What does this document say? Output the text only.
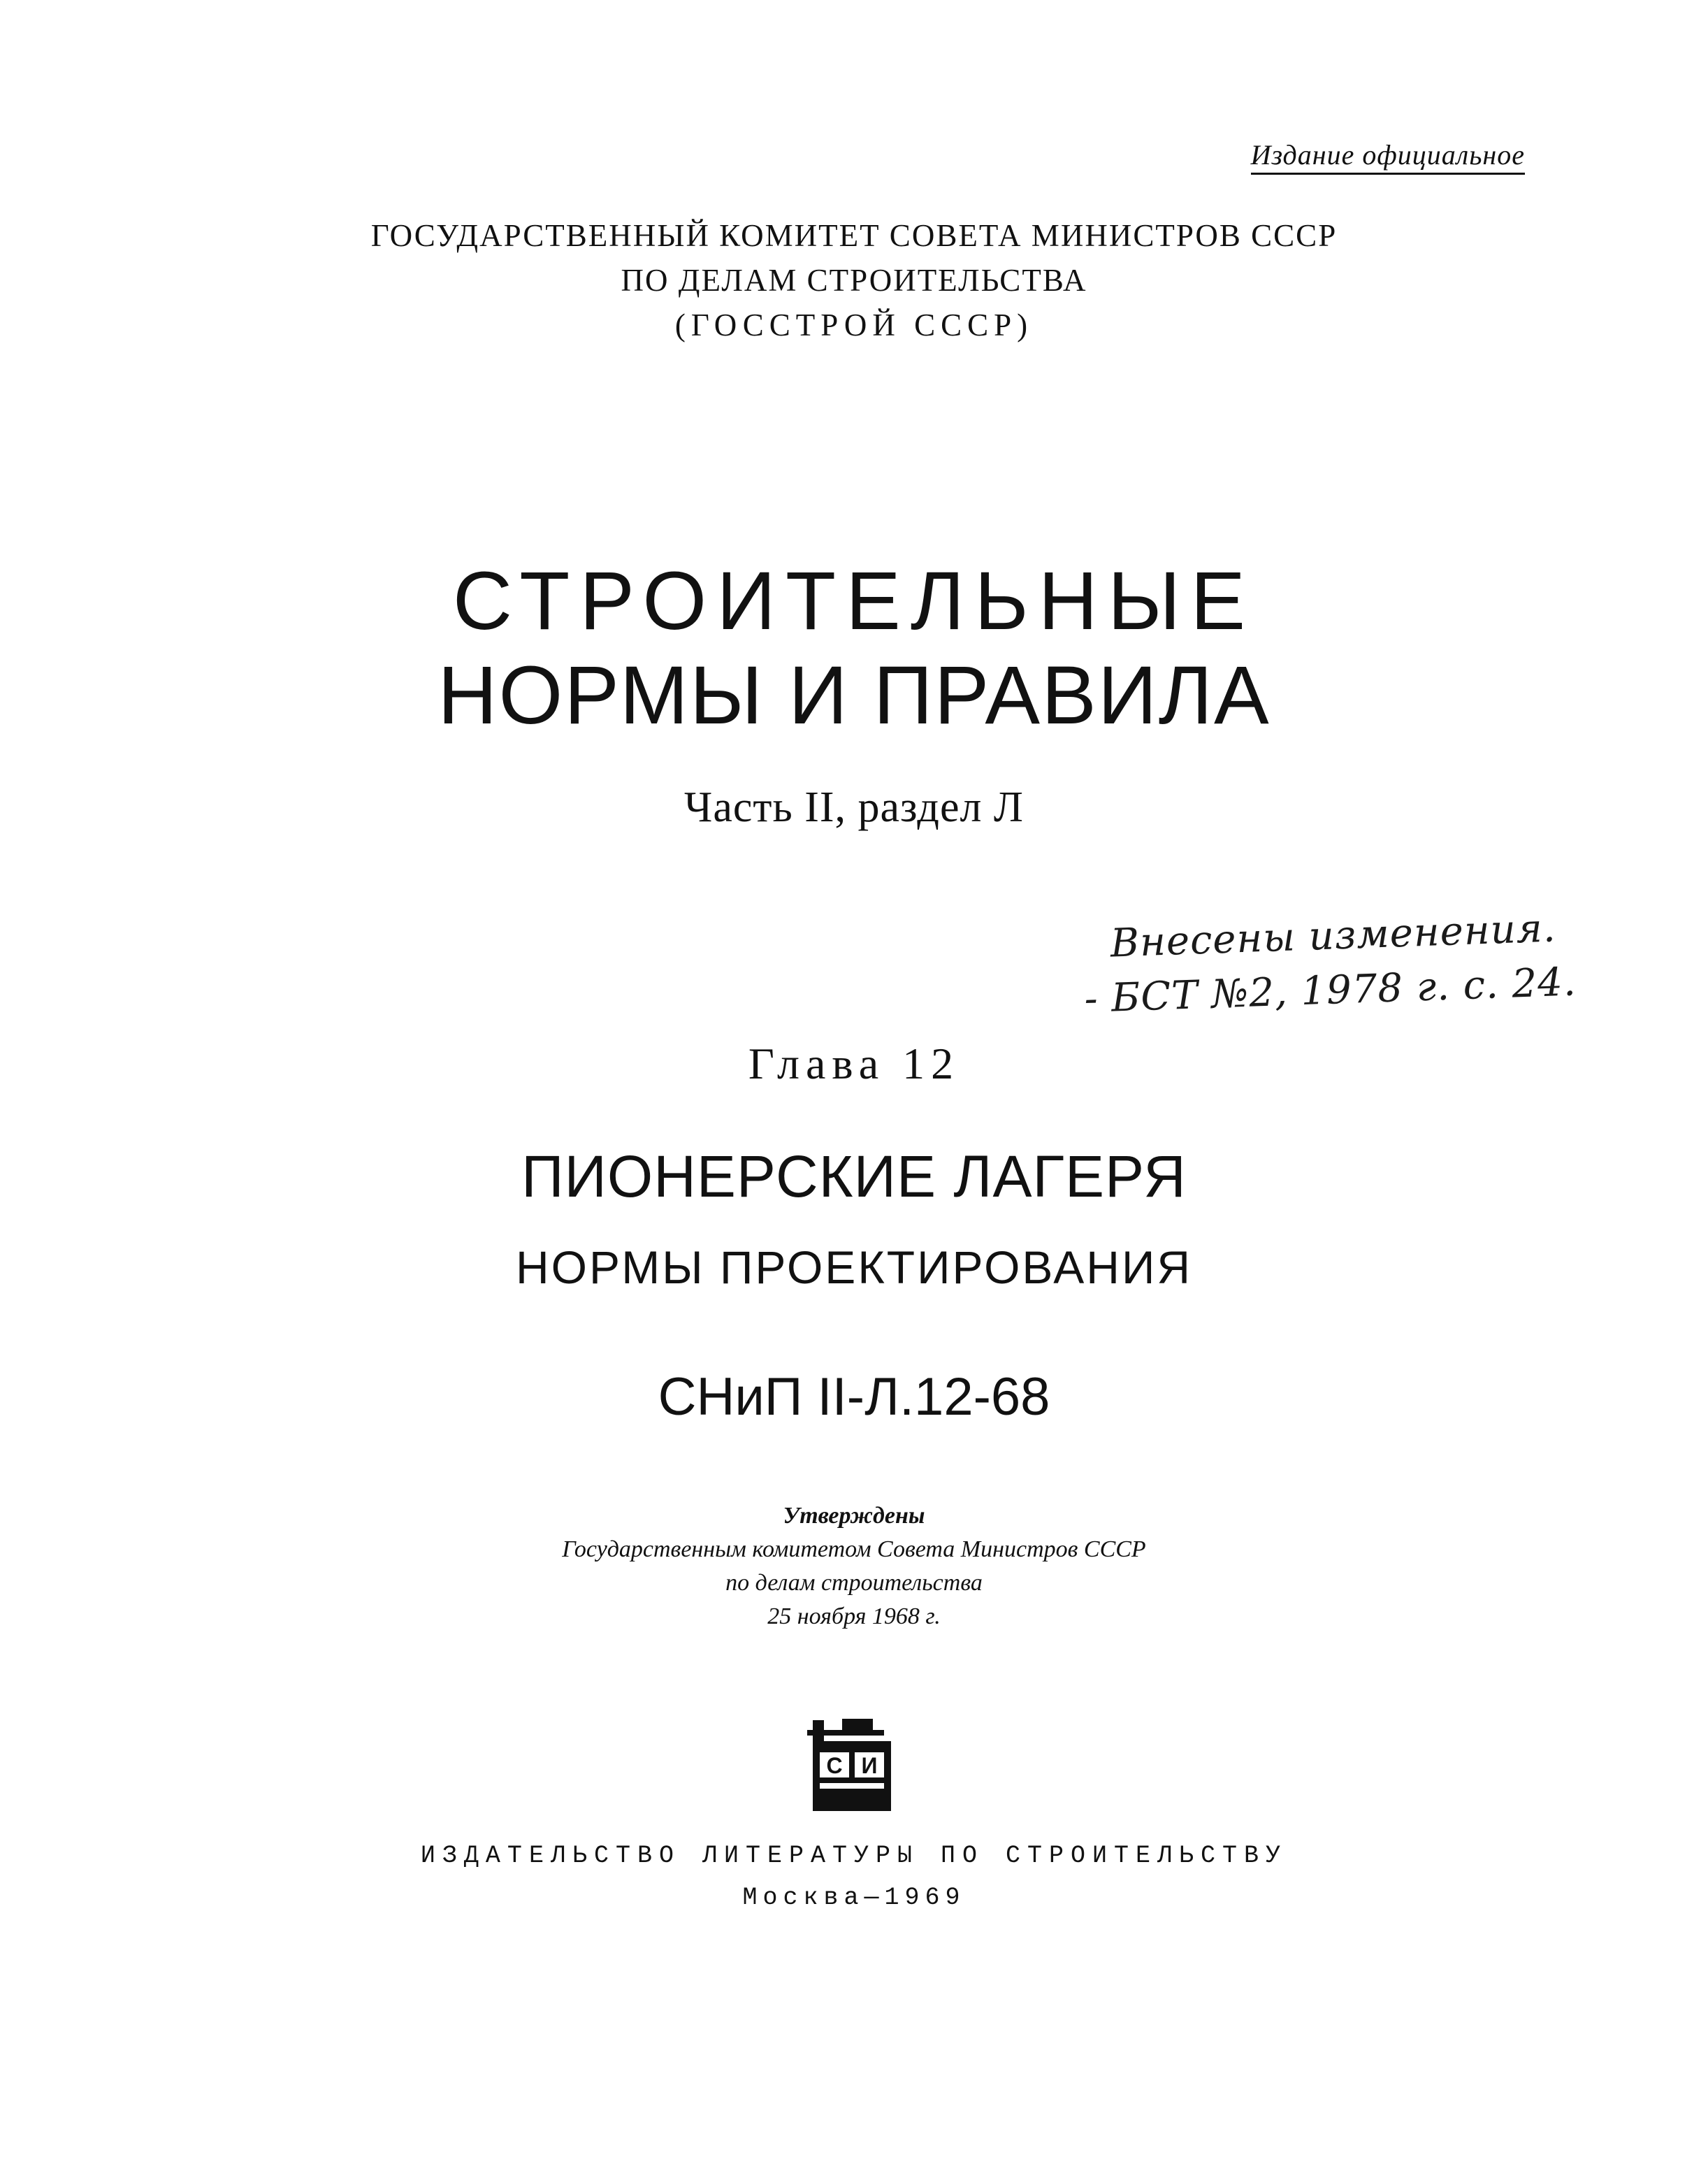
Издание официальное
ГОСУДАРСТВЕННЫЙ КОМИТЕТ СОВЕТА МИНИСТРОВ СССР
ПО ДЕЛАМ СТРОИТЕЛЬСТВА
(ГОССТРОЙ СССР)
СТРОИТЕЛЬНЫЕ
НОРМЫ И ПРАВИЛА
Часть II, раздел Л
Внесены изменения.
- БСТ №2, 1978 г. с. 24.
Глава 12
ПИОНЕРСКИЕ ЛАГЕРЯ
НОРМЫ ПРОЕКТИРОВАНИЯ
СНиП II-Л.12-68
Утверждены
Государственным комитетом Совета Министров СССР
по делам строительства
25 ноября 1968 г.
С И
ИЗДАТЕЛЬСТВО ЛИТЕРАТУРЫ ПО СТРОИТЕЛЬСТВУ
Москва—1969
